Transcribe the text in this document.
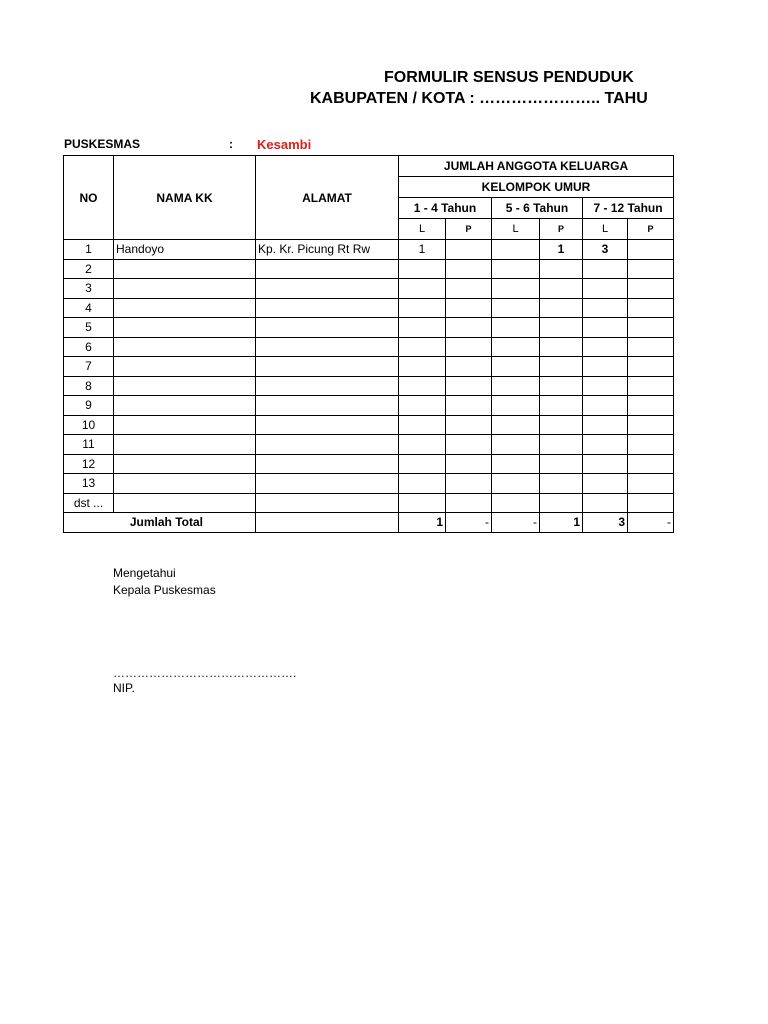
FORMULIR SENSUS PENDUDUK
KABUPATEN / KOTA : ………………….. TAHU
PUSKESMAS	: Kesambi
NO	NAMA KK	ALAMAT	JUMLAH ANGGOTA KELUARGA					
			KELOMPOK UMUR					
			1 - 4 Tahun		5 - 6 Tahun		7 - 12 Tahun	
			L	P	L	P	L	P
1	Handoyo	Kp. Kr. Picung Rt Rw	1			1	3	
2								
3								
4								
5								
6								
7								
8								
9								
10								
11								
12								
13								
dst ...								
Jumlah Total			1	-	-	1	3	-
Mengetahui
Kepala Puskesmas
……………………………………….
NIP.
